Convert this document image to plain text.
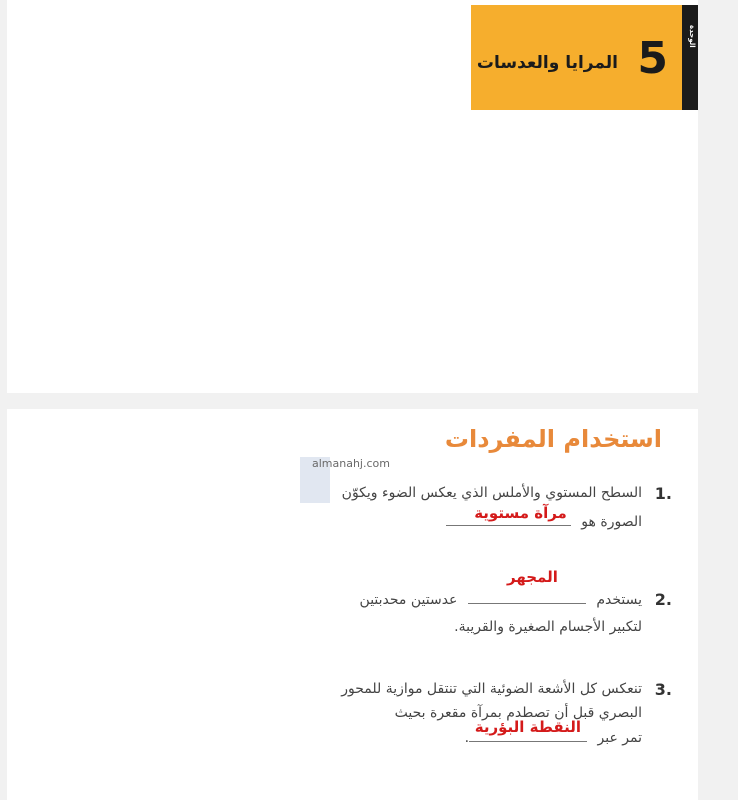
الوحدة
5
المرايا والعدسات
استخدام المفردات
almanahj.com
1.
السطح المستوي والأملس الذي يعكس الضوء ويكوّن
الصورة هو
مرآة مستوية
2.
يستخدم
المجهر
عدستين محدبتين
لتكبير الأجسام الصغيرة والقريبة.
3.
تنعكس كل الأشعة الضوئية التي تنتقل موازية للمحور
البصري قبل أن تصطدم بمرآة مقعرة بحيث
تمر عبر
النقطة البؤرية
.
